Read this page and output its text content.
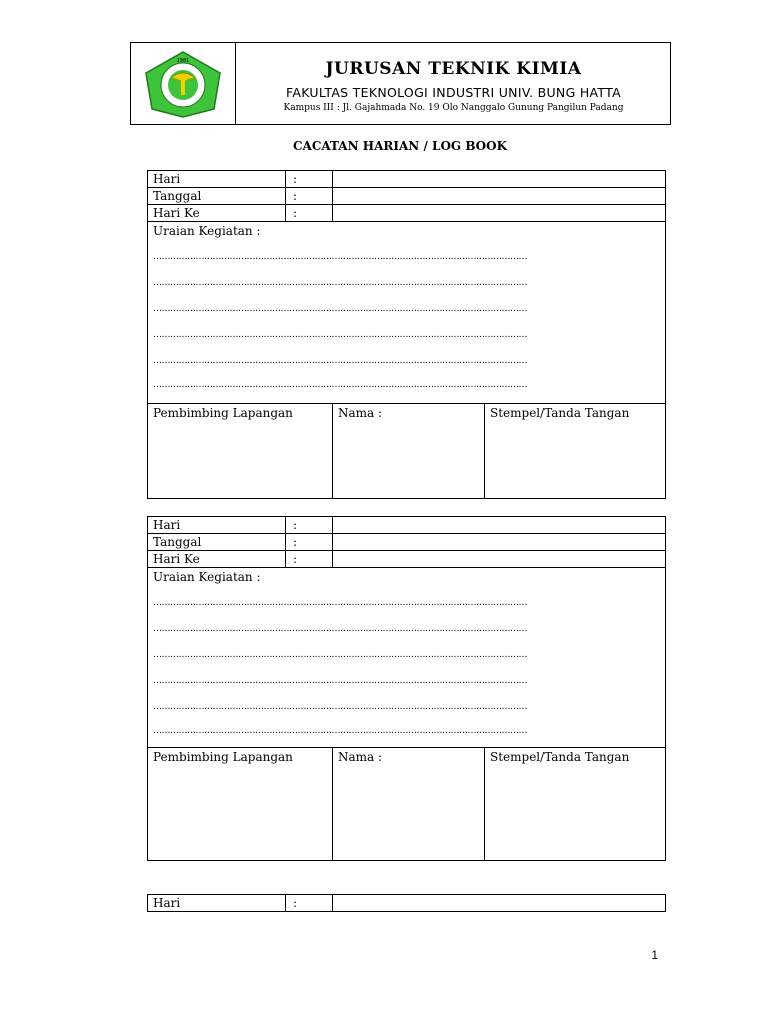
1981	JURUSAN TEKNIK KIMIA
FAKULTAS TEKNOLOGI INDUSTRI UNIV. BUNG HATTA
Kampus III : Jl. Gajahmada No. 19 Olo Nanggalo Gunung Pangilun Padang
CACATAN HARIAN / LOG BOOK
Hari	:
Tanggal	:
Hari Ke	:
Uraian Kegiatan :
……………………………………………………………………………………………………………………
……………………………………………………………………………………………………………………
……………………………………………………………………………………………………………………
……………………………………………………………………………………………………………………
……………………………………………………………………………………………………………………
……………………………………………………………………………………………………………………
Pembimbing Lapangan	Nama :	Stempel/Tanda Tangan
Hari	:
Tanggal	:
Hari Ke	:
Uraian Kegiatan :
……………………………………………………………………………………………………………………
……………………………………………………………………………………………………………………
……………………………………………………………………………………………………………………
……………………………………………………………………………………………………………………
……………………………………………………………………………………………………………………
……………………………………………………………………………………………………………………
Pembimbing Lapangan	Nama :	Stempel/Tanda Tangan
Hari	:
1
